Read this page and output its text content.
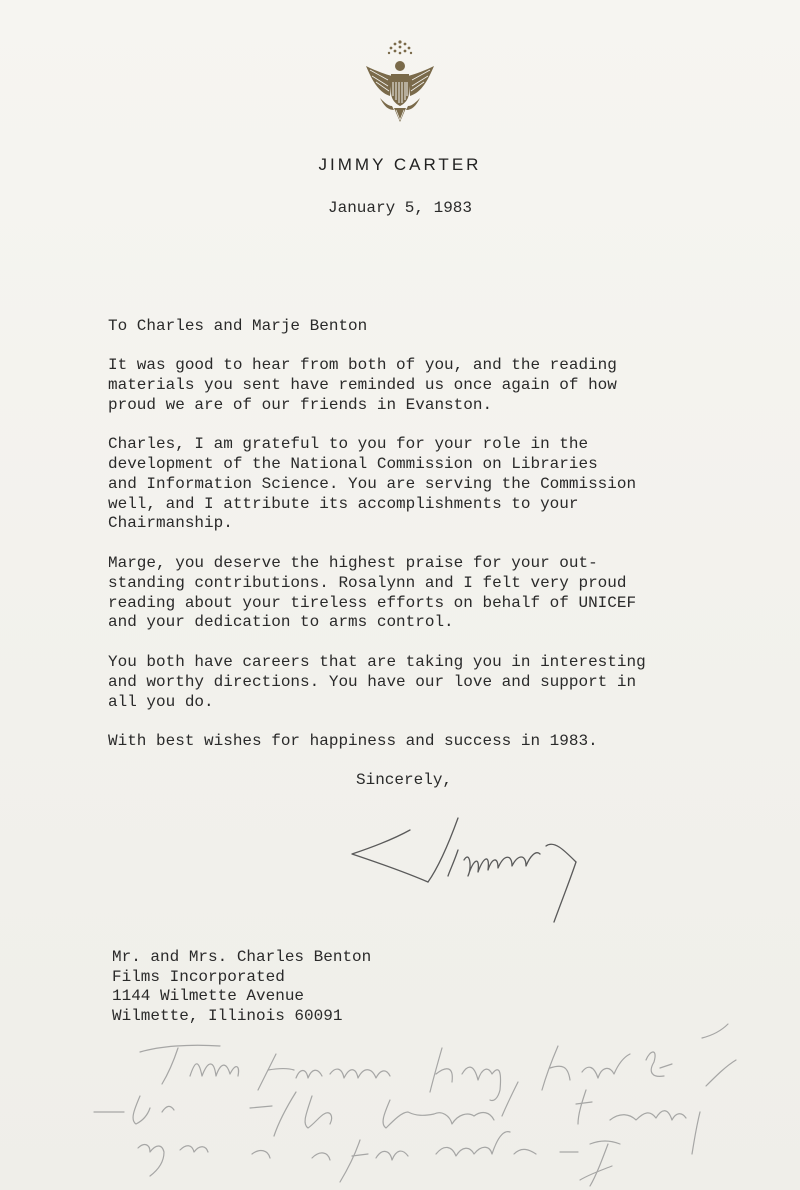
JIMMY CARTER
January 5, 1983
To Charles and Marje Benton

It was good to hear from both of you, and the reading
materials you sent have reminded us once again of how
proud we are of our friends in Evanston.

Charles, I am grateful to you for your role in the
development of the National Commission on Libraries
and Information Science. You are serving the Commission
well, and I attribute its accomplishments to your
Chairmanship.

Marge, you deserve the highest praise for your out-
standing contributions. Rosalynn and I felt very proud
reading about your tireless efforts on behalf of UNICEF
and your dedication to arms control.

You both have careers that are taking you in interesting
and worthy directions. You have our love and support in
all you do.

With best wishes for happiness and success in 1983.

Sincerely,
Mr. and Mrs. Charles Benton
Films Incorporated
1144 Wilmette Avenue
Wilmette, Illinois 60091
